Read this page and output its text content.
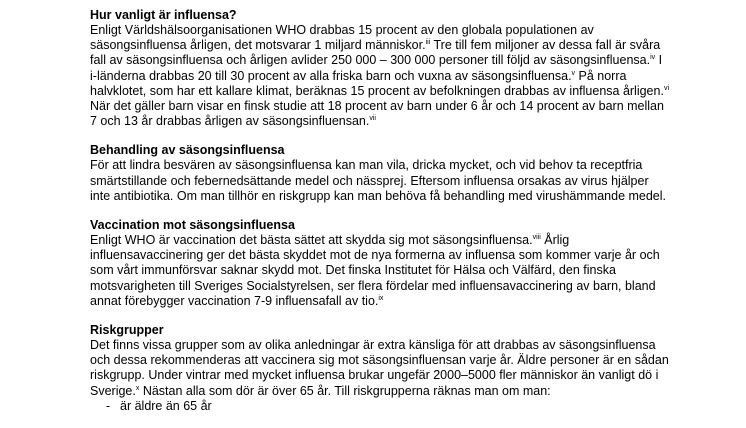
Hur vanligt är influensa?

Enligt Världshälsoorganisationen WHO drabbas 15 procent av den globala populationen av säsongsinfluensa årligen, det motsvarar 1 miljard människor.$^{iii}$ Tre till fem miljoner av dessa fall är svåra fall av säsongsinfluensa och årligen avlider 250 000 – 300 000 personer till följd av säsongsinfluensa.$^{iv}$ I i-länderna drabbas 20 till 30 procent av alla friska barn och vuxna av säsongsinfluensa.$^v$ På norra halvklotet, som har ett kallare klimat, beräknas 15 procent av befolkningen drabbas av influensa årligen.$^{vi}$ När det gäller barn visar en finsk studie att 18 procent av barn under 6 år och 14 procent av barn mellan 7 och 13 år drabbas årligen av säsongsinfluensan.$^{vii}$

Behandling av säsongsinfluensa

För att lindra besvären av säsongsinfluensa kan man vila, dricka mycket, och vid behov ta receptfria smärtstillande och febernedsättande medel och nässprej. Eftersom influensa orsakas av virus hjälper inte antibiotika. Om man tillhör en riskgrupp kan man behöva få behandling med virushämmande medel.

Vaccination mot säsongsinfluensa

Enligt WHO är vaccination det bästa sättet att skydda sig mot säsongsinfluensa.$^{viii}$ Årlig influensavaccinering ger det bästa skyddet mot de nya formerna av influensa som kommer varje år och som vårt immunförsvar saknar skydd mot. Det finska Institutet för Hälsa och Välfärd, den finska motsvarigheten till Sveriges Socialstyrelsen, ser flera fördelar med influensavaccinering av barn, bland annat förebygger vaccination 7-9 influensafall av tio.$^{ix}$

Riskgrupper

Det finns vissa grupper som av olika anledningar är extra känsliga för att drabbas av säsongsinfluensa och dessa rekommenderas att vaccinera sig mot säsongsinfluensan varje år. Äldre personer är en sådan riskgrupp. Under vintrar med mycket influensa brukar ungefär 2000–5000 fler människor än vanligt dö i Sverige.$^x$ Nästan alla som dör är över 65 år. Till riskgrupperna räknas man om man:

- är äldre än 65 år
